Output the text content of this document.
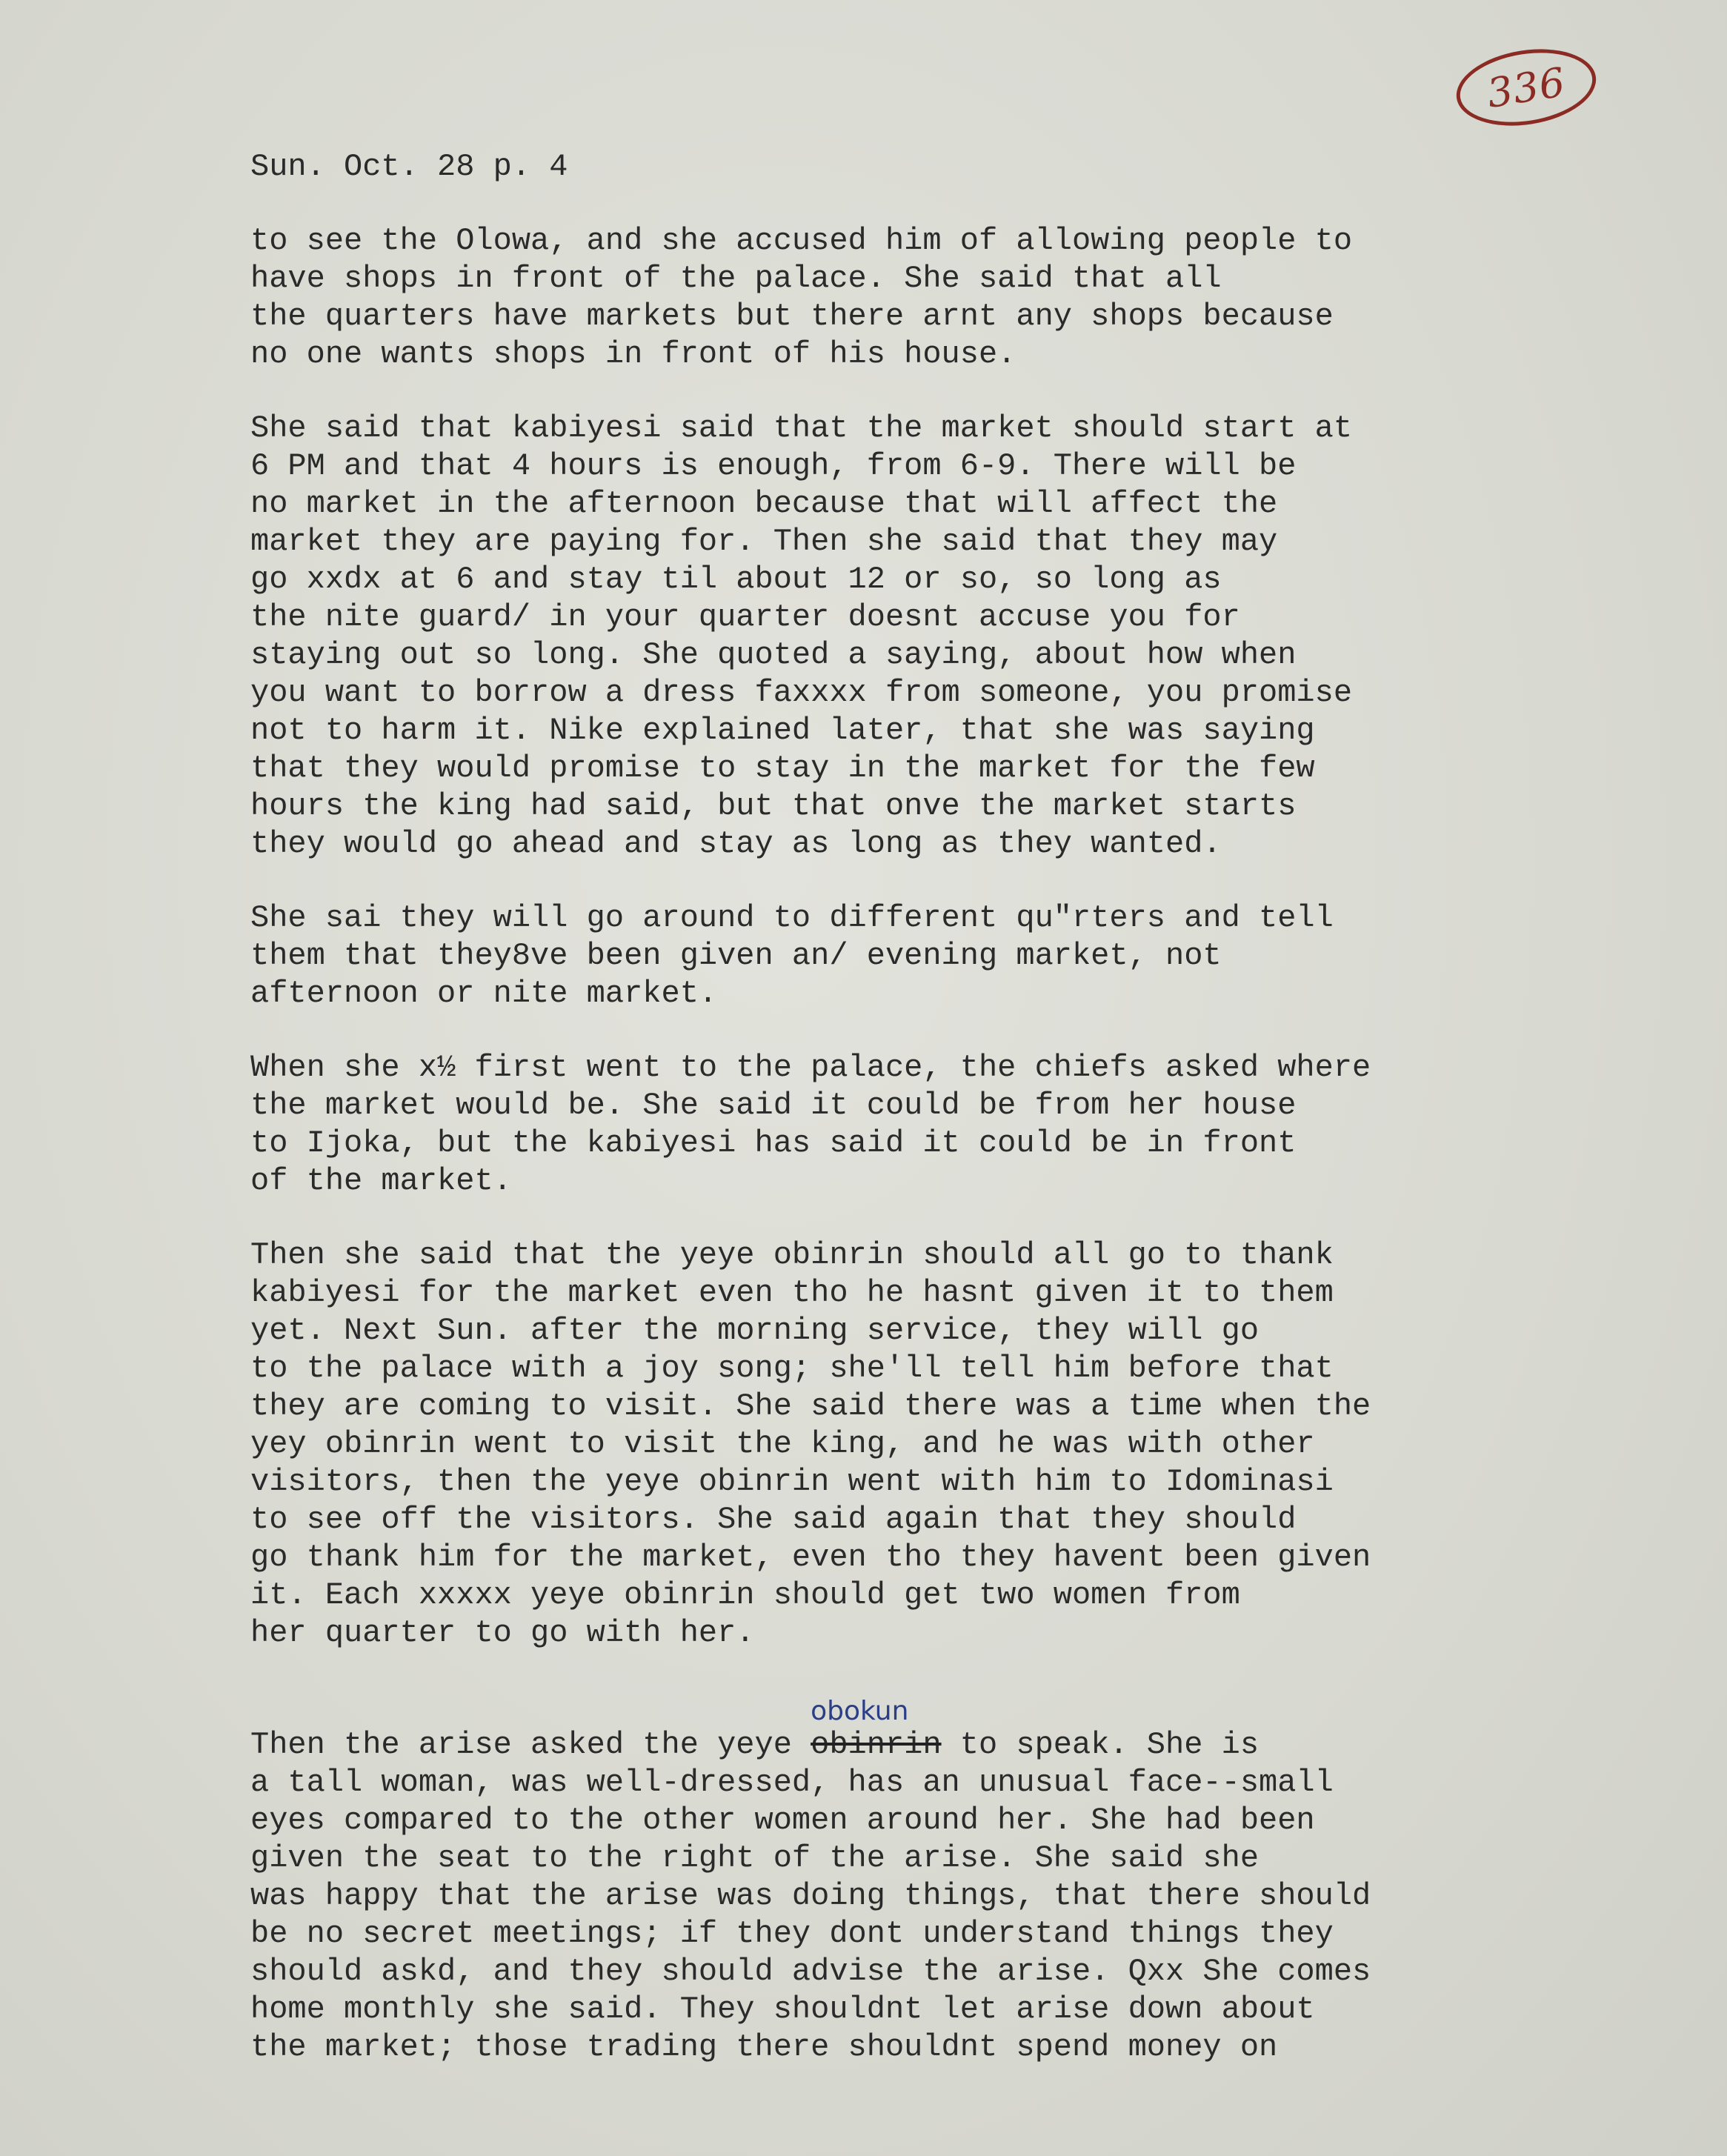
336
Sun. Oct. 28 p. 4
to see the Olowa, and she accused him of allowing people to
have shops in front of the palace. She said that all
the quarters have markets but there arnt any shops because
no one wants shops in front of his house.
She said that kabiyesi said that the market should start at
6 PM and that 4 hours is enough, from 6-9. There will be
no market in the afternoon because that will affect the
market they are paying for. Then she said that they may
go xxdx at 6 and stay til about 12 or so, so long as
the nite guard/ in your quarter doesnt accuse you for
staying out so long. She quoted a saying, about how when
you want to borrow a dress faxxxx from someone, you promise
not to harm it. Nike explained later, that she was saying
that they would promise to stay in the market for the few
hours the king had said, but that onve the market starts
they would go ahead and stay as long as they wanted.
She sai they will go around to different qu"rters and tell
them that they8ve been given an/ evening market, not
afternoon or nite market.
When she x½ first went to the palace, the chiefs asked where
the market would be. She said it could be from her house
to Ijoka, but the kabiyesi has said it could be in front
of the market.
Then she said that the yeye obinrin should all go to thank
kabiyesi for the market even tho he hasnt given it to them
yet. Next Sun. after the morning service, they will go
to the palace with a joy song; she'll tell him before that
they are coming to visit. She said there was a time when the
yey obinrin went to visit the king, and he was with other
visitors, then the yeye obinrin went with him to Idominasi
to see off the visitors. She said again that they should
go thank him for the market, even tho they havent been given
it. Each xxxxx yeye obinrin should get two women from
her quarter to go with her.
Then the arise asked the yeye obinrin
obokun
to speak. She is
a tall woman, was well-dressed, has an unusual face--small
eyes compared to the other women around her. She had been
given the seat to the right of the arise. She said she
was happy that the arise was doing things, that there should
be no secret meetings; if they dont understand things they
should askd, and they should advise the arise. Qxx She comes
home monthly she said. They shouldnt let arise down about
the market; those trading there shouldnt spend money on
